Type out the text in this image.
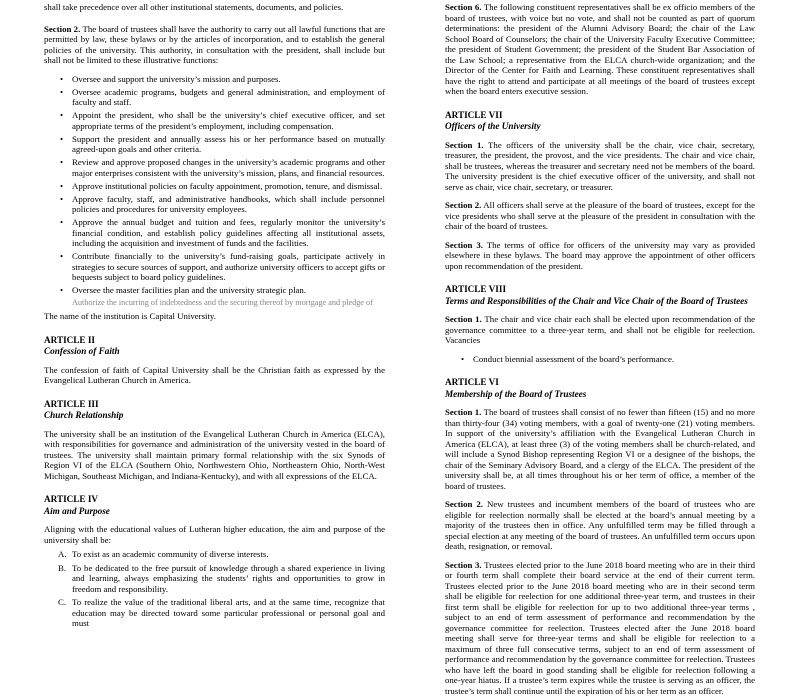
shall take precedence over all other institutional statements, documents, and policies.

Section 2. The board of trustees shall have the authority to carry out all lawful functions that are permitted by law, these bylaws or by the articles of incorporation, and to establish the general policies of the university. This authority, in consultation with the president, shall include but shall not be limited to these illustrative functions:

• Oversee and support the university’s mission and purposes.
• Oversee academic programs, budgets and general administration, and employment of faculty and staff.
• Appoint the president, who shall be the university’s chief executive officer, and set appropriate terms of the president’s employment, including compensation.
• Support the president and annually assess his or her performance based on mutually agreed-upon goals and other criteria.
• Review and approve proposed changes in the university’s academic programs and other major enterprises consistent with the university’s mission, plans, and financial resources.
• Approve institutional policies on faculty appointment, promotion, tenure, and dismissal.
• Approve faculty, staff, and administrative handbooks, which shall include personnel policies and procedures for university employees.
• Approve the annual budget and tuition and fees, regularly monitor the university’s financial condition, and establish policy guidelines affecting all institutional assets, including the acquisition and investment of funds and the facilities.
• Contribute financially to the university’s fund-raising goals, participate actively in strategies to secure sources of support, and authorize university officers to accept gifts or bequests subject to board policy guidelines.
• Oversee the master facilities plan and the university strategic plan.
Authorize the incurring of indebtedness and the securing thereof by mortgage and pledge of

The name of the institution is Capital University.

ARTICLE II

Confession of Faith

The confession of faith of Capital University shall be the Christian faith as expressed by the Evangelical Lutheran Church in America.

ARTICLE III

Church Relationship

The university shall be an institution of the Evangelical Lutheran Church in America (ELCA), with responsibilities for governance and administration of the university vested in the board of trustees. The university shall maintain primary formal relationship with the six Synods of Region VI of the ELCA (Southern Ohio, Northwestern Ohio, Northeastern Ohio, North-West Michigan, Southeast Michigan, and Indiana-Kentucky), and with all expressions of the ELCA.

ARTICLE IV

Aim and Purpose

Aligning with the educational values of Lutheran higher education, the aim and purpose of the university shall be:

A. To exist as an academic community of diverse interests.
B. To be dedicated to the free pursuit of knowledge through a shared experience in living and learning, always emphasizing the students’ rights and opportunities to grow in freedom and responsibility.
C. To realize the value of the traditional liberal arts, and at the same time, recognize that education may be directed toward some particular professional or personal goal and must

Section 6. The following constituent representatives shall be ex officio members of the board of trustees, with voice but no vote, and shall not be counted as part of quorum determinations: the president of the Alumni Advisory Board; the chair of the Law School Board of Counselors; the chair of the University Faculty Executive Committee; the president of Student Government; the president of the Student Bar Association of the Law School; a representative from the ELCA church-wide organization; and the Director of the Center for Faith and Learning. These constituent representatives shall have the right to attend and participate at all meetings of the board of trustees except when the board enters executive session.

ARTICLE VII

Officers of the University

Section 1. The officers of the university shall be the chair, vice chair, secretary, treasurer, the president, the provost, and the vice presidents. The chair and vice chair, shall be trustees, whereas the treasurer and secretary need not be members of the board. The university president is the chief executive officer of the university, and shall not serve as chair, vice chair, secretary, or treasurer.

Section 2. All officers shall serve at the pleasure of the board of trustees, except for the vice presidents who shall serve at the pleasure of the president in consultation with the chair of the board of trustees.

Section 3. The terms of office for officers of the university may vary as provided elsewhere in these bylaws. The board may approve the appointment of other officers upon recommendation of the president.

ARTICLE VIII

Terms and Responsibilities of the Chair and Vice Chair of the Board of Trustees

Section 1. The chair and vice chair each shall be elected upon recommendation of the governance committee to a three-year term, and shall not be eligible for reelection. Vacancies

• Conduct biennial assessment of the board’s performance.

ARTICLE VI

Membership of the Board of Trustees

Section 1. The board of trustees shall consist of no fewer than fifteen (15) and no more than thirty-four (34) voting members, with a goal of twenty-one (21) voting members. In support of the university’s affiliation with the Evangelical Lutheran Church in America (ELCA), at least three (3) of the voting members shall be church-related, and will include a Synod Bishop representing Region VI or a designee of the bishops, the chair of the Seminary Advisory Board, and a clergy of the ELCA. The president of the university shall be, at all times throughout his or her term of office, a member of the board of trustees.

Section 2. New trustees and incumbent members of the board of trustees who are eligible for reelection normally shall be elected at the board’s annual meeting by a majority of the trustees then in office. Any unfulfilled term may be filled through a special election at any meeting of the board of trustees. An unfulfilled term occurs upon death, resignation, or removal.

Section 3. Trustees elected prior to the June 2018 board meeting who are in their third or fourth term shall complete their board service at the end of their current term. Trustees elected prior to the June 2018 board meeting who are in their second term shall be eligible for reelection for one additional three-year term, and trustees in their first term shall be eligible for reelection for up to two additional three-year terms , subject to an end of term assessment of performance and recommendation by the governance committee for reelection. Trustees elected after the June 2018 board meeting shall serve for three-year terms and shall be eligible for reelection to a maximum of three full consecutive terms, subject to an end of term assessment of performance and recommendation by the governance committee for reelection. Trustees who have left the board in good standing shall be eligible for reelection following a one-year hiatus. If a trustee’s term expires while the trustee is serving as an officer, the trustee’s term shall continue until the expiration of his or her term as an officer.
